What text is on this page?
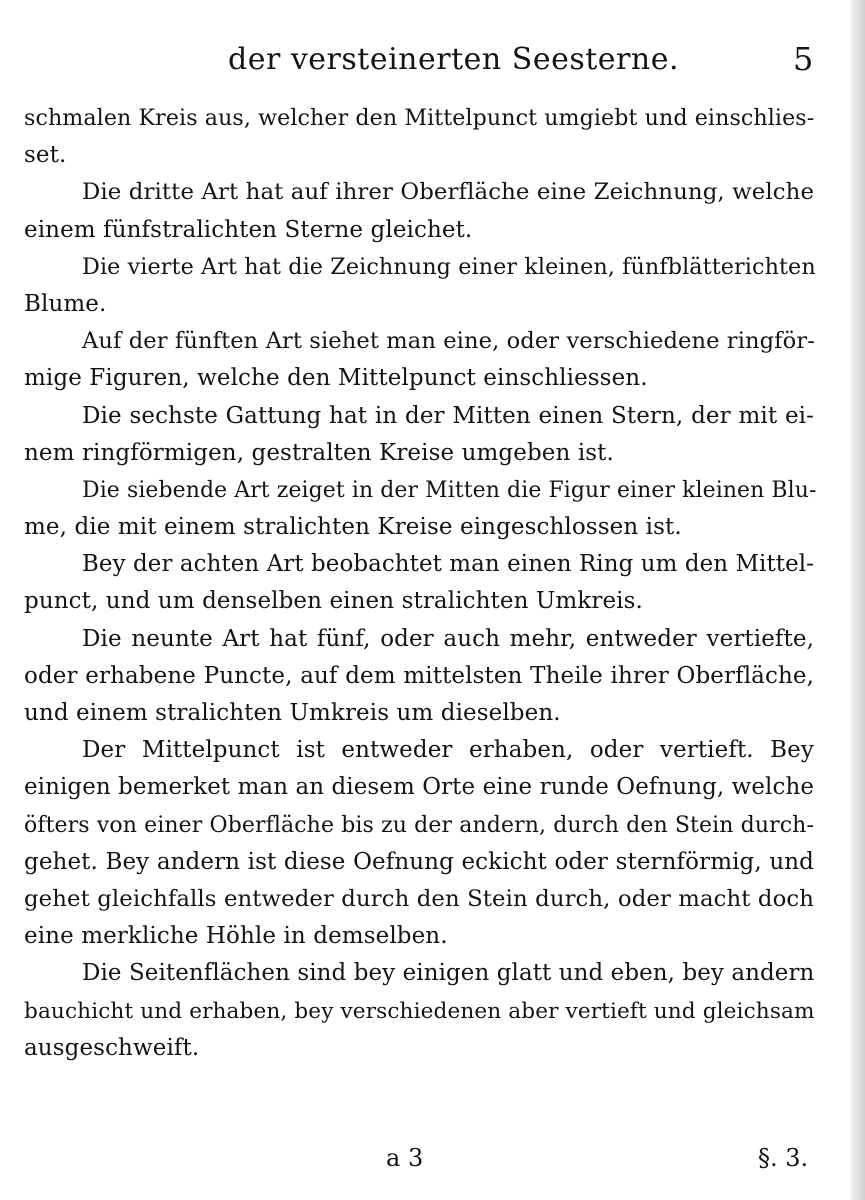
der versteinerten Seesterne.	5
schmalen Kreis aus, welcher den Mittelpunct umgiebt und einschlies-
set.
Die dritte Art hat auf ihrer Oberfläche eine Zeichnung, welche
einem fünfstralichten Sterne gleichet.
Die vierte Art hat die Zeichnung einer kleinen, fünfblätterichten
Blume.
Auf der fünften Art siehet man eine, oder verschiedene ringför-
mige Figuren, welche den Mittelpunct einschliessen.
Die sechste Gattung hat in der Mitten einen Stern, der mit ei-
nem ringförmigen, gestralten Kreise umgeben ist.
Die siebende Art zeiget in der Mitten die Figur einer kleinen Blu-
me, die mit einem stralichten Kreise eingeschlossen ist.
Bey der achten Art beobachtet man einen Ring um den Mittel-
punct, und um denselben einen stralichten Umkreis.
Die neunte Art hat fünf, oder auch mehr, entweder vertiefte,
oder erhabene Puncte, auf dem mittelsten Theile ihrer Oberfläche,
und einem stralichten Umkreis um dieselben.
Der Mittelpunct ist entweder erhaben, oder vertieft. Bey
einigen bemerket man an diesem Orte eine runde Oefnung, welche
öfters von einer Oberfläche bis zu der andern, durch den Stein durch-
gehet. Bey andern ist diese Oefnung eckicht oder sternförmig, und
gehet gleichfalls entweder durch den Stein durch, oder macht doch
eine merkliche Höhle in demselben.
Die Seitenflächen sind bey einigen glatt und eben, bey andern
bauchicht und erhaben, bey verschiedenen aber vertieft und gleichsam
ausgeschweift.
a 3	§. 3.
